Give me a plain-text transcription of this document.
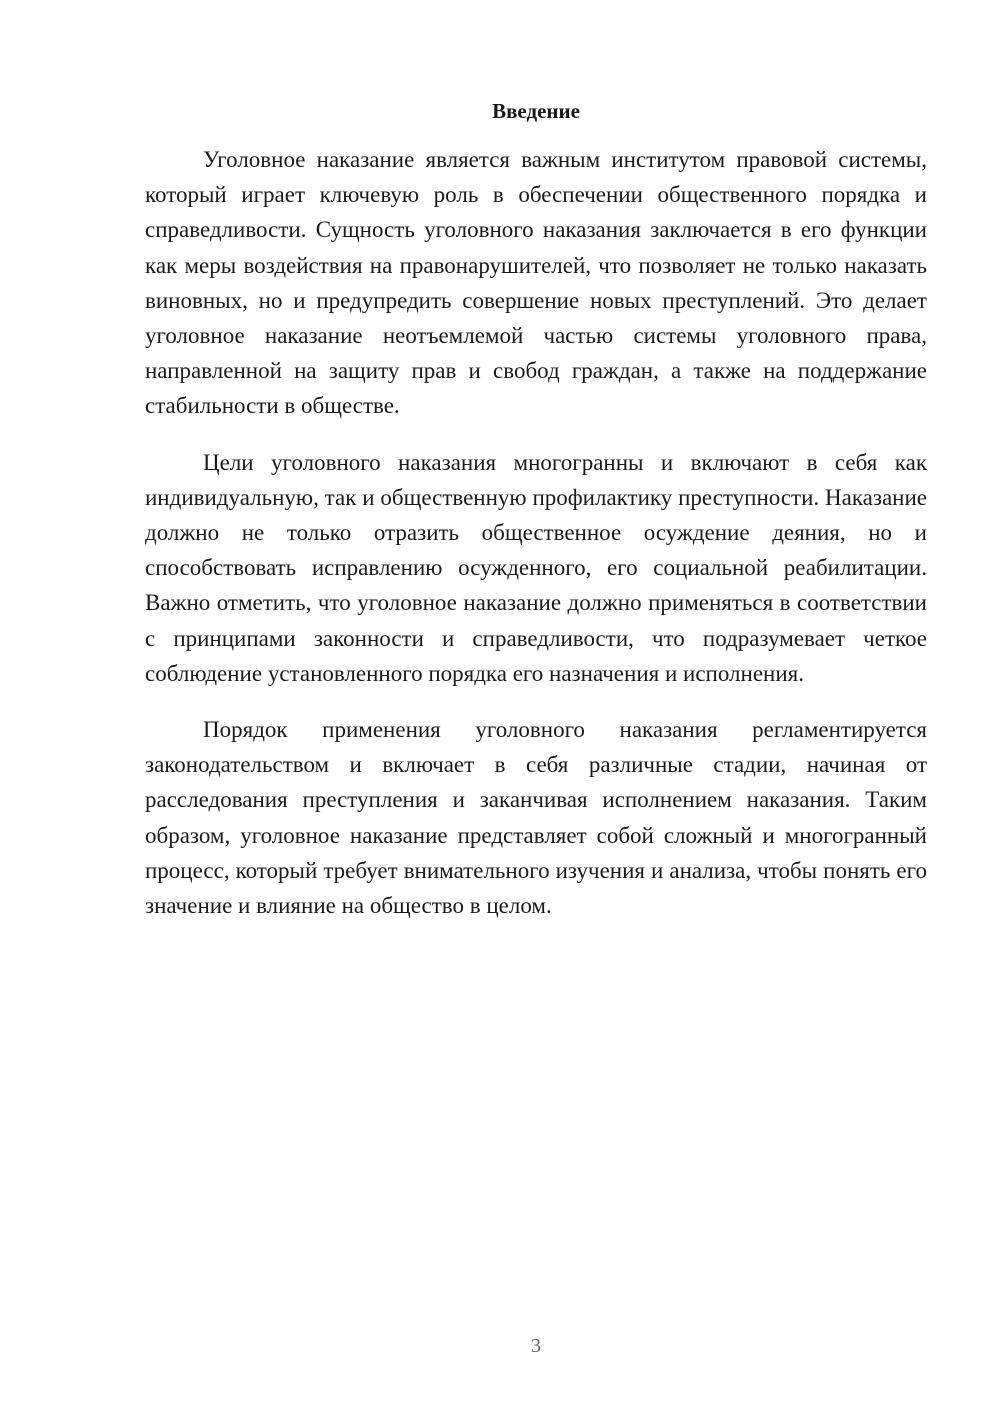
Введение

Уголовное наказание является важным институтом правовой системы, который играет ключевую роль в обеспечении общественного порядка и справедливости. Сущность уголовного наказания заключается в его функции как меры воздействия на правонарушителей, что позволяет не только наказать виновных, но и предупредить совершение новых преступлений. Это делает уголовное наказание неотъемлемой частью системы уголовного права, направленной на защиту прав и свобод граждан, а также на поддержание стабильности в обществе.

Цели уголовного наказания многогранны и включают в себя как индивидуальную, так и общественную профилактику преступности. Наказание должно не только отразить общественное осуждение деяния, но и способствовать исправлению осужденного, его социальной реабилитации. Важно отметить, что уголовное наказание должно применяться в соответствии с принципами законности и справедливости, что подразумевает четкое соблюдение установленного порядка его назначения и исполнения.

Порядок применения уголовного наказания регламентируется законодательством и включает в себя различные стадии, начиная от расследования преступления и заканчивая исполнением наказания. Таким образом, уголовное наказание представляет собой сложный и многогранный процесс, который требует внимательного изучения и анализа, чтобы понять его значение и влияние на общество в целом.

3
